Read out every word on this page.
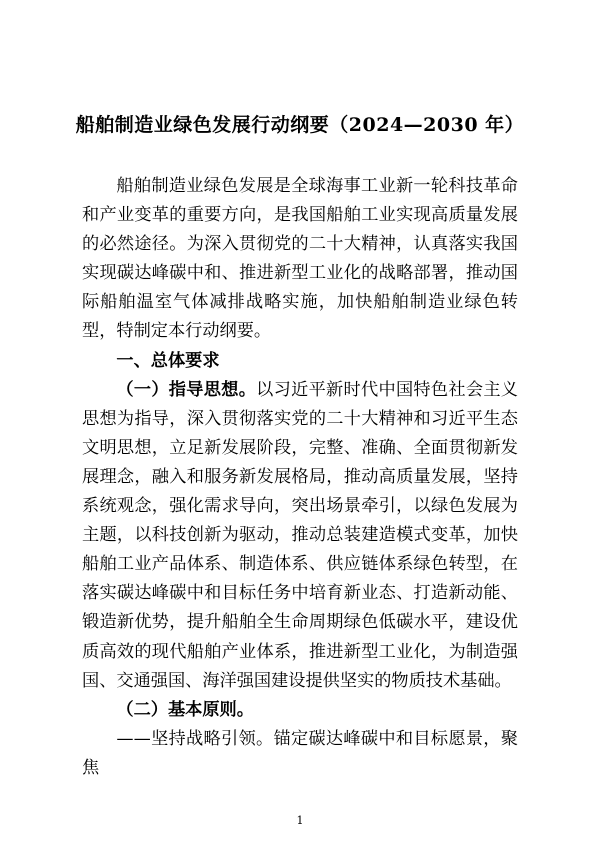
船舶制造业绿色发展行动纲要（2024—2030 年）

船舶制造业绿色发展是全球海事工业新一轮科技革命和产业变革的重要方向，是我国船舶工业实现高质量发展的必然途径。为深入贯彻党的二十大精神，认真落实我国实现碳达峰碳中和、推进新型工业化的战略部署，推动国际船舶温室气体减排战略实施，加快船舶制造业绿色转型，特制定本行动纲要。

一、总体要求

（一）指导思想。以习近平新时代中国特色社会主义思想为指导，深入贯彻落实党的二十大精神和习近平生态文明思想，立足新发展阶段，完整、准确、全面贯彻新发展理念，融入和服务新发展格局，推动高质量发展，坚持系统观念，强化需求导向，突出场景牵引，以绿色发展为主题，以科技创新为驱动，推动总装建造模式变革，加快船舶工业产品体系、制造体系、供应链体系绿色转型，在落实碳达峰碳中和目标任务中培育新业态、打造新动能、锻造新优势，提升船舶全生命周期绿色低碳水平，建设优质高效的现代船舶产业体系，推进新型工业化，为制造强国、交通强国、海洋强国建设提供坚实的物质技术基础。

（二）基本原则。

——坚持战略引领。锚定碳达峰碳中和目标愿景，聚焦

1
